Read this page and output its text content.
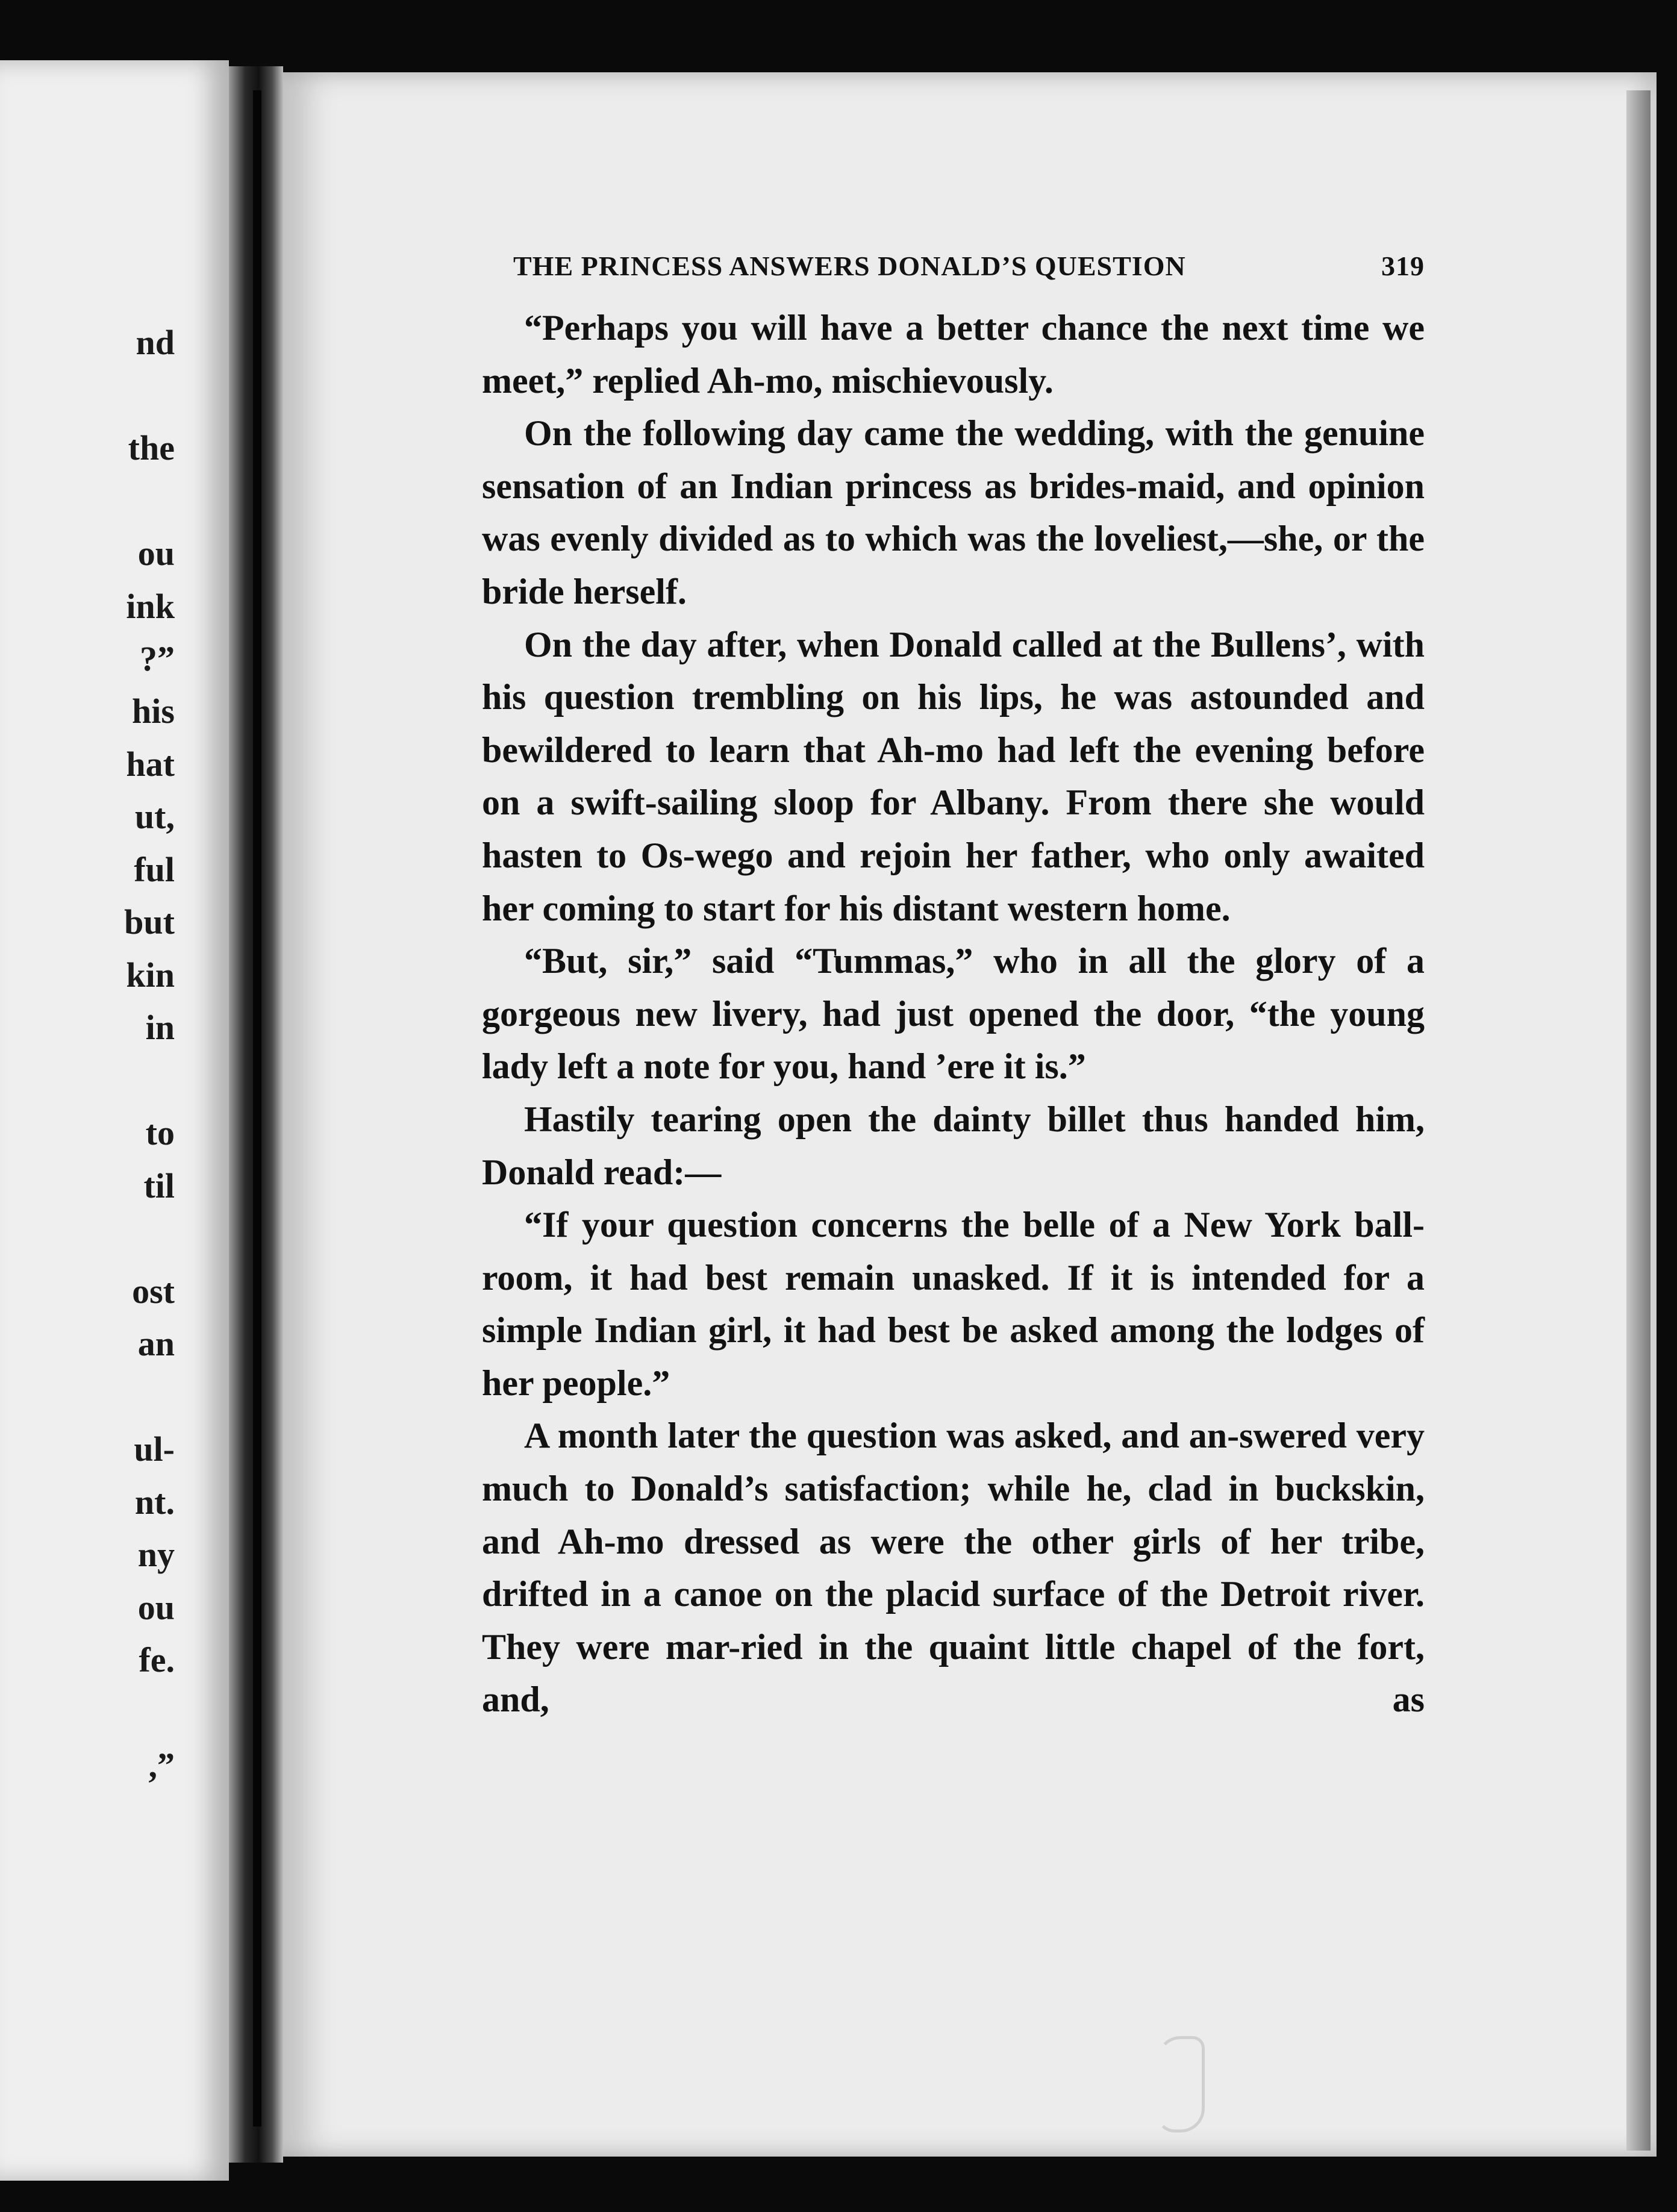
nd
the
ou
ink
?”
his
hat
ut,
ful
but
kin
in
to
til
ost
an
ul-
nt.
ny
ou
fe.
,”
THE PRINCESS ANSWERS DONALD’S QUESTION	319

“Perhaps you will have a better chance the next time we meet,” replied Ah-mo, mischievously.

On the following day came the wedding, with the genuine sensation of an Indian princess as brides-maid, and opinion was evenly divided as to which was the loveliest,—she, or the bride herself.

On the day after, when Donald called at the Bullens’, with his question trembling on his lips, he was astounded and bewildered to learn that Ah-mo had left the evening before on a swift-sailing sloop for Albany. From there she would hasten to Os-wego and rejoin her father, who only awaited her coming to start for his distant western home.

“But, sir,” said “Tummas,” who in all the glory of a gorgeous new livery, had just opened the door, “the young lady left a note for you, hand ’ere it is.”

Hastily tearing open the dainty billet thus handed him, Donald read:—

“If your question concerns the belle of a New York ball-room, it had best remain unasked. If it is intended for a simple Indian girl, it had best be asked among the lodges of her people.”

A month later the question was asked, and an-swered very much to Donald’s satisfaction; while he, clad in buckskin, and Ah-mo dressed as were the other girls of her tribe, drifted in a canoe on the placid surface of the Detroit river. They were mar-ried in the quaint little chapel of the fort, and, as
